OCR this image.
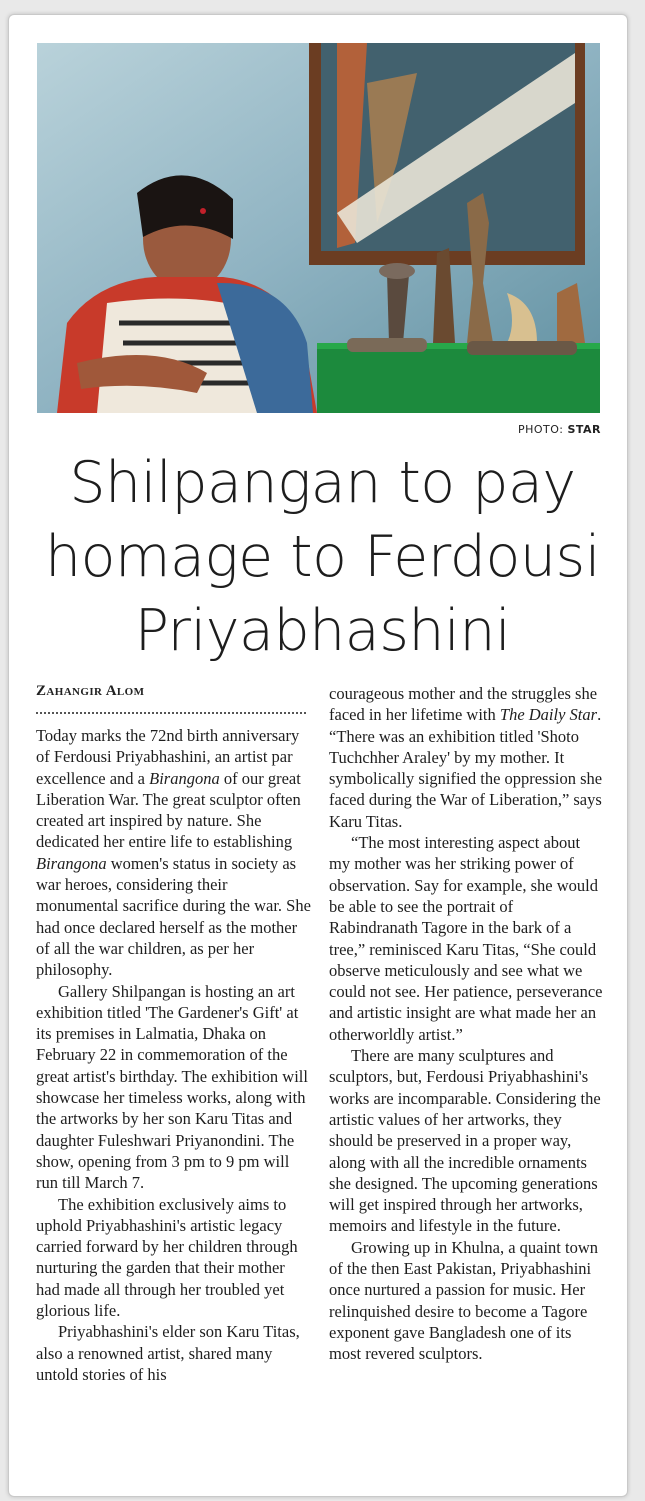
PHOTO: STAR
Shilpangan to pay homage to Ferdousi Priyabhashini

Zahangir Alom

Today marks the 72nd birth anniversary of Ferdousi Priyabhashini, an artist par excellence and a Birangona of our great Liberation War. The great sculptor often created art inspired by nature. She dedicated her entire life to establishing Birangona women's status in society as war heroes, considering their monumental sacrifice during the war. She had once declared herself as the mother of all the war children, as per her philosophy.

Gallery Shilpangan is hosting an art exhibition titled 'The Gardener's Gift' at its premises in Lalmatia, Dhaka on February 22 in commemoration of the great artist's birthday. The exhibition will showcase her timeless works, along with the artworks by her son Karu Titas and daughter Fuleshwari Priyanondini. The show, opening from 3 pm to 9 pm will run till March 7.

The exhibition exclusively aims to uphold Priyabhashini's artistic legacy carried forward by her children through nurturing the garden that their mother had made all through her troubled yet glorious life.

Priyabhashini's elder son Karu Titas, also a renowned artist, shared many untold stories of his

courageous mother and the struggles she faced in her lifetime with The Daily Star. “There was an exhibition titled 'Shoto Tuchchher Araley' by my mother. It symbolically signified the oppression she faced during the War of Liberation,” says Karu Titas.

“The most interesting aspect about my mother was her striking power of observation. Say for example, she would be able to see the portrait of Rabindranath Tagore in the bark of a tree,” reminisced Karu Titas, “She could observe meticulously and see what we could not see. Her patience, perseverance and artistic insight are what made her an otherworldly artist.”

There are many sculptures and sculptors, but, Ferdousi Priyabhashini's works are incomparable. Considering the artistic values of her artworks, they should be preserved in a proper way, along with all the incredible ornaments she designed. The upcoming generations will get inspired through her artworks, memoirs and lifestyle in the future.

Growing up in Khulna, a quaint town of the then East Pakistan, Priyabhashini once nurtured a passion for music. Her relinquished desire to become a Tagore exponent gave Bangladesh one of its most revered sculptors.
